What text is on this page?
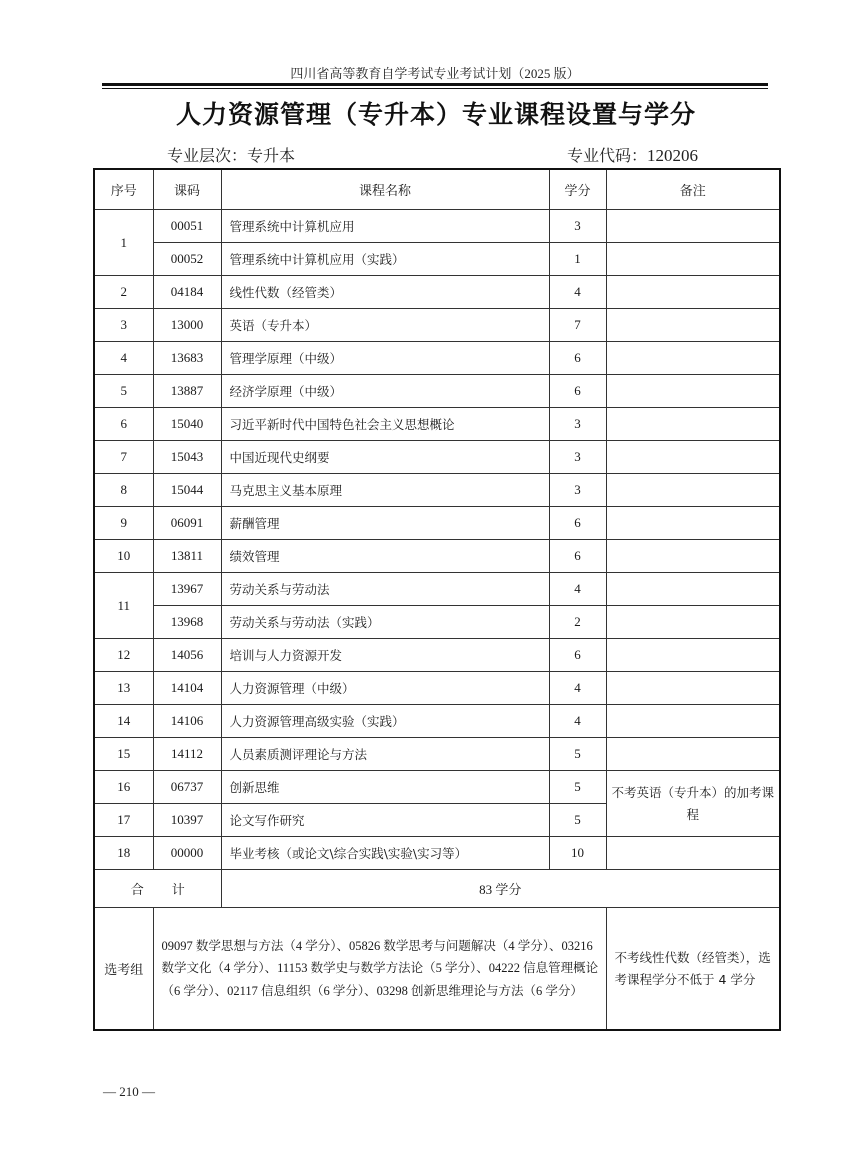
四川省高等教育自学考试专业考试计划（2025 版）
人力资源管理（专升本）专业课程设置与学分
专业层次：专升本	专业代码：120206
序号	课码	课程名称	学分	备注
1	00051	管理系统中计算机应用	3	
	00052	管理系统中计算机应用（实践）	1	
2	04184	线性代数（经管类）	4	
3	13000	英语（专升本）	7	
4	13683	管理学原理（中级）	6	
5	13887	经济学原理（中级）	6	
6	15040	习近平新时代中国特色社会主义思想概论	3	
7	15043	中国近现代史纲要	3	
8	15044	马克思主义基本原理	3	
9	06091	薪酬管理	6	
10	13811	绩效管理	6	
11	13967	劳动关系与劳动法	4	
	13968	劳动关系与劳动法（实践）	2	
12	14056	培训与人力资源开发	6	
13	14104	人力资源管理（中级）	4	
14	14106	人力资源管理高级实验（实践）	4	
15	14112	人员素质测评理论与方法	5	
16	06737	创新思维	5	不考英语（专升本）的加考课程
17	10397	论文写作研究	5	
18	00000	毕业考核（或论文\综合实践\实验\实习等）	10	
合 计		83 学分		
选考组	09097 数学思想与方法（4 学分）、05826 数学思考与问题解决（4 学分）、03216 数学文化（4 学分）、11153 数学史与数学方法论（5 学分）、04222 信息管理概论（6 学分）、02117 信息组织（6 学分）、03298 创新思维理论与方法（6 学分）			不考线性代数（经管类），选考课程学分不低于 4 学分
— 210 —
